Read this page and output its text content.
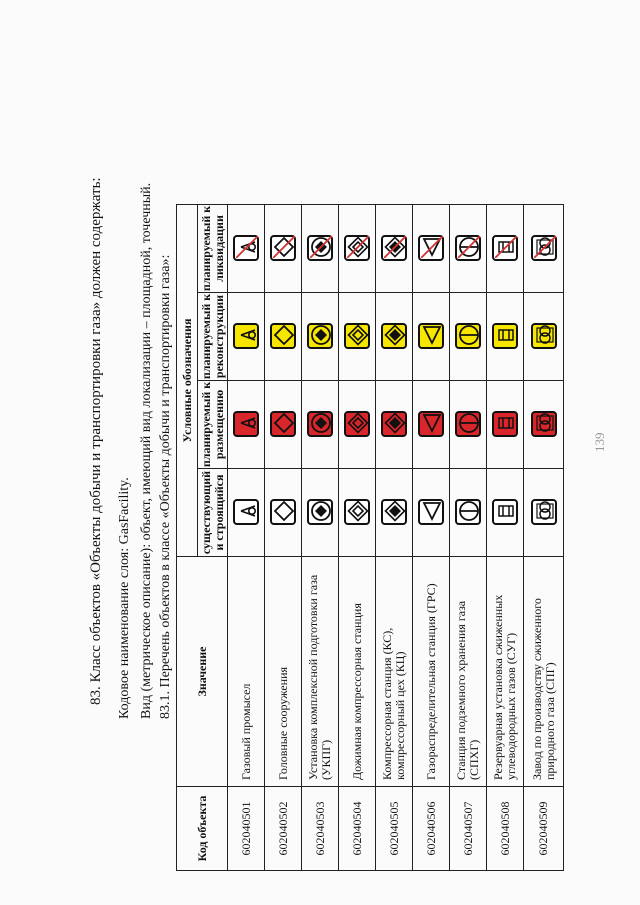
139
83. Класс объектов «Объекты добычи и транспортировки газа» должен содержать: Кодовое наименование слоя: GasFacility. Вид (метрическое описание): объект, имеющий вид локализации – площадной, точечный. 83.1. Перечень объектов в классе «Объекты добычи и транспортировки газа»:
Код объекта	Значение	Условные обозначения			
		существующий и строящийся	планируемый к размещению	планируемый к реконструкции	планируемый к ликвидации
602040501	Газовый промысел	

602040502	Головные сооружения	

602040503	Установка комплексной подготовки газа (УКПГ)	

602040504	Дожимная компрессорная станция	

602040505	Компрессорная станция (КС), компрессорный цех (КЦ)	

602040506	Газораспределительная станция (ГРС)	

602040507	Станция подземного хранения газа (СПХГ)	

602040508	Резервуарная установка сжиженных углеводородных газов (СУГ)	

602040509	Завод по производству сжиженного природного газа (СПГ)	
